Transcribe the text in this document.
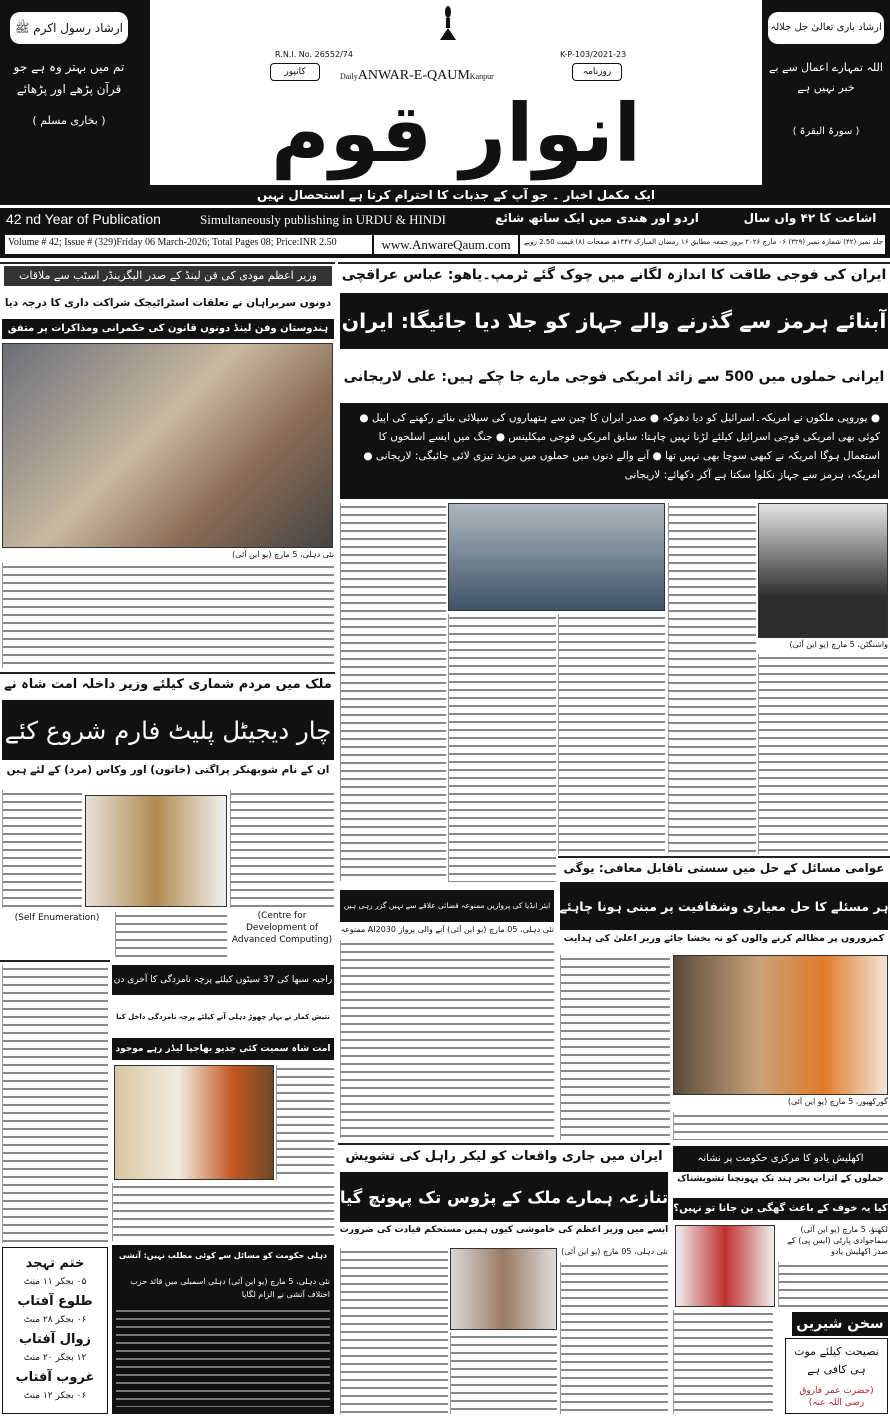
ارشاد رسول اکرم ﷺ
تم میں بہتر وہ ہے جو قرآن پڑھے اور پڑھائے
( بخاری مسلم )
ارشاد باری تعالیٰ جل جلالہ
اللہ تمہارے اعمال سے بے خبر نہیں ہے
( سورۃ البقرۃ )
R.N.I. No. 26552/74	K-P-103/2021-23
کانپور	روزنامہ
DailyANWAR-E-QAUMKanpur
انوار قوم
ایک مکمل اخبار ۔ جو آپ کے جذبات کا احترام کرتا ہے استحصال نہیں
42 nd Year of Publication	Simultaneously publishing in URDU & HINDI	اردو اور ھندی میں ایک ساتھ شائع	اشاعت کا ۴۲ واں سال
Volume # 42; Issue # (329)Friday 06 March-2026; Total Pages 08; Price:INR 2.50	www.AnwareQaum.com	جلد نمبر (۴۲) شمارہ نمبر (۳۲۹) ۰۶ مارچ ۲۰۲۶ بروز جمعہ مطابق ۱۶ رمضان المبارک ۱۴۴۷ھ صفحات (۸) قیمت 2.50 روپے
وزیر اعظم مودی کی فن لینڈ کے صدر الیگزینڈر اسٹب سے ملاقات
دونوں سربراہان نے تعلقات اسٹراٹیجک شراکت داری کا درجہ دیا
ہندوستان وفن لینڈ دونوں قانون کی حکمرانی ومذاکرات پر متفق
نئی دہلی، 5 مارچ (یو این آئی)
ملک میں مردم شماری کیلئے وزیر داخلہ امت شاہ نے
چار دیجیٹل پلیٹ فارم شروع کئے
ان کے نام شوبھنکر پراگتی (خاتون) اور وکاس (مرد) کے لئے ہیں
(Centre for Development of Advanced Computing)
(Self Enumeration)
ختم تہجد
۰۵ بجکر ۱۱ منٹ
طلوع آفتاب
۰۶ بجکر ۲۸ منٹ
زوال آفتاب
۱۲ بجکر ۲۰ منٹ
غروب آفتاب
۰۶ بجکر ۱۲ منٹ
راجیہ سبھا کی 37 سیٹوں کیلئے پرچہ نامزدگی کا آخری دن
نتیش کمار نے بہار چھوڑ دہلی آنے کیلئے پرچہ نامزدگی داخل کیا
امت شاہ سمیت کئی جدیو بھاجپا لیڈر رہے موجود
دہلی حکومت کو مسائل سے کوئی مطلب نہیں: آتشی
نئی دہلی، 5 مارچ (یو این آئی) دہلی اسمبلی میں قائد حزب اختلاف آتشی نے الزام لگایا
ایران کی فوجی طاقت کا اندازہ لگانے میں چوک گئے ٹرمپ۔یاھو: عباس عراقچی
آبنائے ہرمز سے گذرنے والے جہاز کو جلا دیا جائیگا: ایران
ایرانی حملوں میں 500 سے زائد امریکی فوجی مارے جا چکے ہیں: علی لاریجانی
● یوروپی ملکوں نے امریکہ۔اسرائیل کو دیا دھوکہ ● صدر ایران کا چین سے ہتھیاروں کی سپلائی بنائے رکھنے کی اپیل ● کوئی بھی امریکی فوجی اسرائیل کیلئے لڑنا نہیں چاہتا: سابق امریکی فوجی میکلینس ● جنگ میں ایسے اسلحوں کا استعمال ہوگا امریکہ نے کبھی سوچا بھی نہیں تھا ● آنے والے دنوں میں حملوں میں مزید تیزی لائی جائیگی: لاریجانی ● امریکہ، ہرمز سے جہاز نکلوا سکتا ہے آکر دکھائے: لاریجانی
واشنگٹن، 5 مارچ (یو این آئی)
ایئر انڈیا کی پروازیں ممنوعہ فضائی علاقے سے نہیں گزر رہی ہیں
نئی دہلی، 05 مارچ (یو این آئی) آنے والی پرواز AI2030 ممنوعہ
عوامی مسائل کے حل میں سستی ناقابل معافی: یوگی
ہر مسئلے کا حل معیاری وشفافیت پر مبنی ہونا چاہئے
کمزوروں پر مظالم کرنے والوں کو نہ بخشا جائے وزیر اعلیٰ کی ہدایت
گورکھپور، 5 مارچ (یو این آئی)
ایران میں جاری واقعات کو لیکر راہل کی تشویش
تنازعہ ہمارے ملک کے پڑوس تک پہونچ گیا
ایسے میں وزیر اعظم کی خاموشی کیوں ہمیں مستحکم قیادت کی ضرورت
نئی دہلی، 05 مارچ (یو این آئی)
اکھلیش یادو کا مرکزی حکومت پر نشانہ
حملوں کے اثرات بحر ہند تک پہونچنا تشویشناک
کیا یہ خوف کے باعث گھگی بن جانا تو نہیں؟
لکھنؤ، 5 مارچ (یو این آئی) سماجوادی پارٹی (ایس پی) کے صدر اکھلیش یادو
سخن شیریں
نصیحت کیلئے موت ہی کافی ہے
(حضرت عمر فاروق رضی اللہ عنہ)
